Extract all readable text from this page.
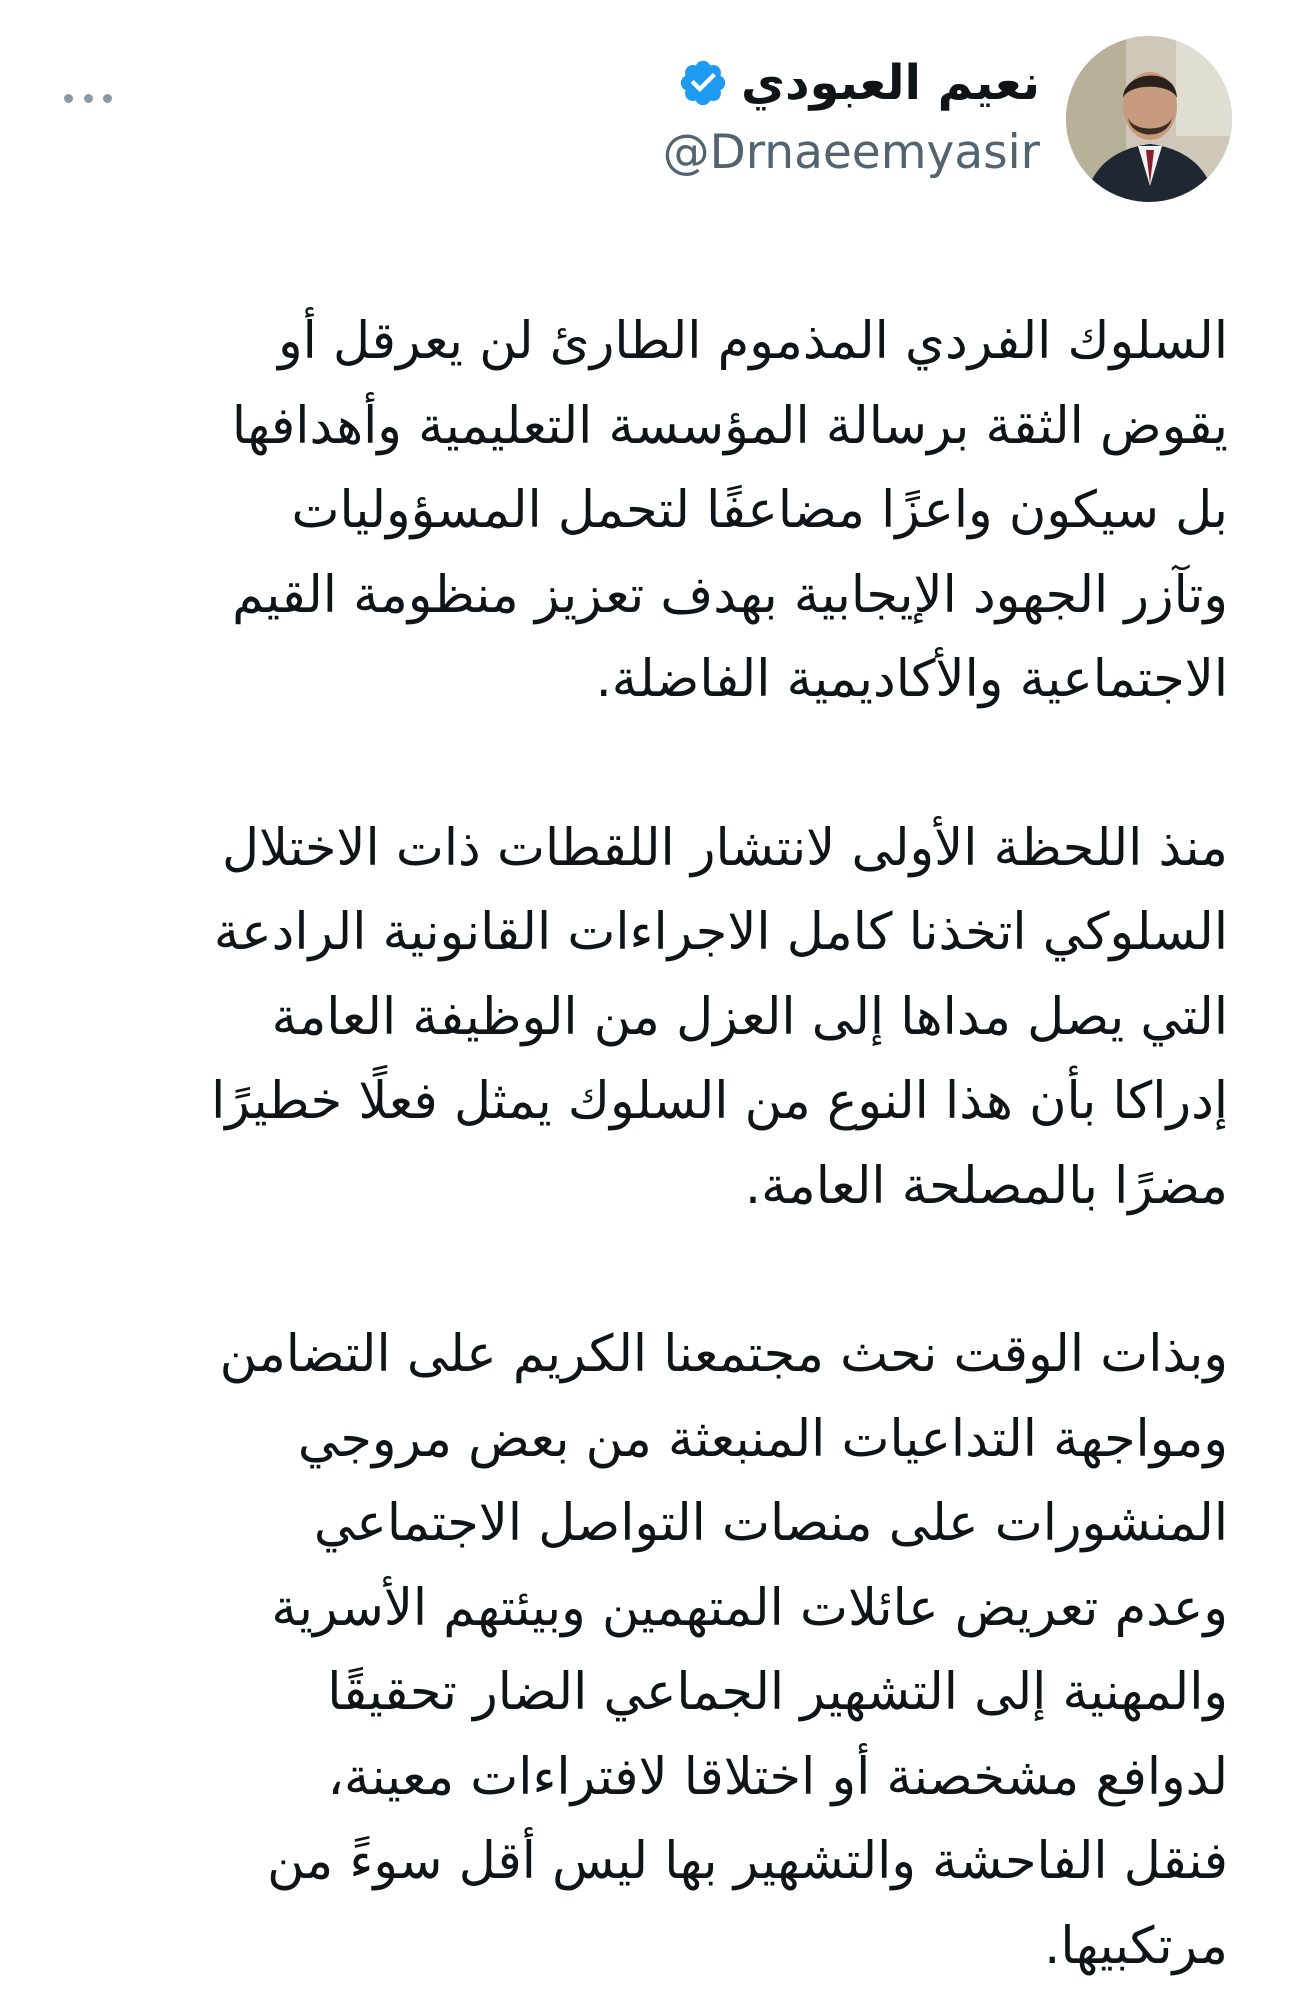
نعيم العبودي
@Drnaeemyasir

السلوك الفردي المذموم الطارئ لن يعرقل أو
يقوض الثقة برسالة المؤسسة التعليمية وأهدافها
بل سيكون واعزًا مضاعفًا لتحمل المسؤوليات
وتآزر الجهود الإيجابية بهدف تعزيز منظومة القيم
الاجتماعية والأكاديمية الفاضلة.

منذ اللحظة الأولى لانتشار اللقطات ذات الاختلال
السلوكي اتخذنا كامل الاجراءات القانونية الرادعة
التي يصل مداها إلى العزل من الوظيفة العامة
إدراكا بأن هذا النوع من السلوك يمثل فعلًا خطيرًا
مضرًا بالمصلحة العامة.

وبذات الوقت نحث مجتمعنا الكريم على التضامن
ومواجهة التداعيات المنبعثة من بعض مروجي
المنشورات على منصات التواصل الاجتماعي
وعدم تعريض عائلات المتهمين وبيئتهم الأسرية
والمهنية إلى التشهير الجماعي الضار تحقيقًا
لدوافع مشخصنة أو اختلاقا لافتراءات معينة،
فنقل الفاحشة والتشهير بها ليس أقل سوءً من
مرتكبيها.
